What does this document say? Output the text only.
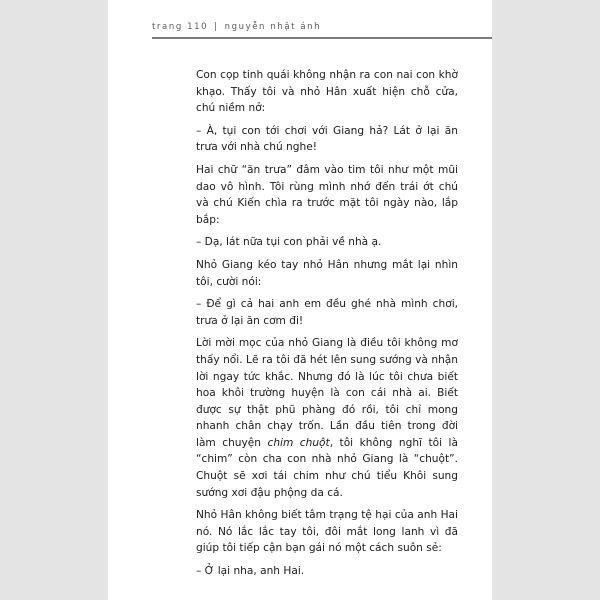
trang 110 | nguyễn nhật ánh

Con cọp tinh quái không nhận ra con nai con khờ khạo. Thấy tôi và nhỏ Hân xuất hiện chỗ cửa, chú niềm nở:

– À, tụi con tới chơi với Giang hả? Lát ở lại ăn trưa với nhà chú nghe!

Hai chữ “ăn trưa” đâm vào tim tôi như một mũi dao vô hình. Tôi rùng mình nhớ đến trái ớt chú và chú Kiến chìa ra trước mặt tôi ngày nào, lắp bắp:

– Dạ, lát nữa tụi con phải về nhà ạ.

Nhỏ Giang kéo tay nhỏ Hân nhưng mắt lại nhìn tôi, cười nói:

– Để gì cả hai anh em đều ghé nhà mình chơi, trưa ở lại ăn cơm đi!

Lời mời mọc của nhỏ Giang là điều tôi không mơ thấy nổi. Lẽ ra tôi đã hét lên sung sướng và nhận lời ngay tức khắc. Nhưng đó là lúc tôi chưa biết hoa khôi trường huyện là con cái nhà ai. Biết được sự thật phũ phàng đó rồi, tôi chỉ mong nhanh chân chạy trốn. Lần đầu tiên trong đời làm chuyện chim chuột, tôi không nghĩ tôi là “chim” còn cha con nhà nhỏ Giang là “chuột”. Chuột sẽ xơi tái chim như chú tiểu Khôi sung sướng xơi đậu phộng da cá.

Nhỏ Hân không biết tâm trạng tệ hại của anh Hai nó. Nó lắc lắc tay tôi, đôi mắt long lanh vì đã giúp tôi tiếp cận bạn gái nó một cách suôn sẻ:

– Ở lại nha, anh Hai.
